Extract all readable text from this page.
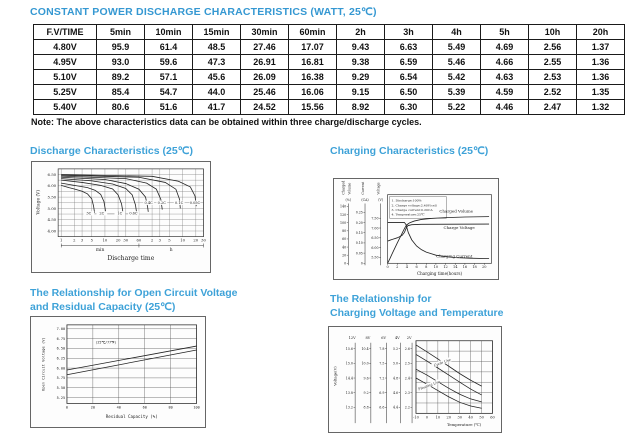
CONSTANT POWER DISCHARGE CHARACTERISTICS (WATT, 25℃)
F.V/TIME	5min	10min	15min	30min	60min	2h	3h	4h	5h	10h	20h
4.80V	95.9	61.4	48.5	27.46	17.07	9.43	6.63	5.49	4.69	2.56	1.37
4.95V	93.0	59.6	47.3	26.91	16.81	9.38	6.59	5.46	4.66	2.55	1.36
5.10V	89.2	57.1	45.6	26.09	16.38	9.29	6.54	5.42	4.63	2.53	1.36
5.25V	85.4	54.7	44.0	25.46	16.06	9.15	6.50	5.39	4.59	2.52	1.35
5.40V	80.6	51.6	41.7	24.52	15.56	8.92	6.30	5.22	4.46	2.47	1.32
Note: The above characteristics data can be obtained within three charge/discharge cycles.
Discharge Characteristics (25℃)	Charging Characteristics (25℃)
The Relationship for Open Circuit Voltage
and Residual Capacity (25℃)
The Relationship for
Charging Voltage and Temperature
6.50
6.00
5.50
5.00
4.50
4.00
Voltage (V)
1	2 3 5	10 20 30 60	2 3 5	10 20 30
min	h
Discharge time
3C 2C	1C 0.6C
0.4C 0.2C	0.1C 0.05C
Charged Volume
(%)
140
120
100
80
60
40
20
0
Current
(CA)
0.25
0.20
0.15
0.10
0.05
0
Voltage
(V)
7.50
7.00
6.50
6.00
5.50
0 2 4 6 8 10 12 14 16 18 20
Charging time(hours)
1. Discharge:100%
2. Charge voltage:2.40V/cell
3. Charge current:0.20CA
4. Temperature:25℃
Charged Volume
Charge Voltage
Charging Current
7.00
6.75
6.50
6.25
6.00
5.75
5.50
5.25
0	20	40	60	80	100
Open Circuit Voltage (V)
Residual Capacity (%)
(25℃/77℉)
Voltage(V)
12V
15.6
15.0
14.4
13.8
13.2
8V
10.4
10.0
9.6
9.2
8.8
6V
7.8
7.5
7.2
6.9
6.6
4V
5.2
5.0
4.8
4.6
4.4
2V
2.6
2.5
2.4
2.3
2.2
-10 0 10 20 30 40 50 60
Temperature (℃)
Cycle Use
Floating Use
